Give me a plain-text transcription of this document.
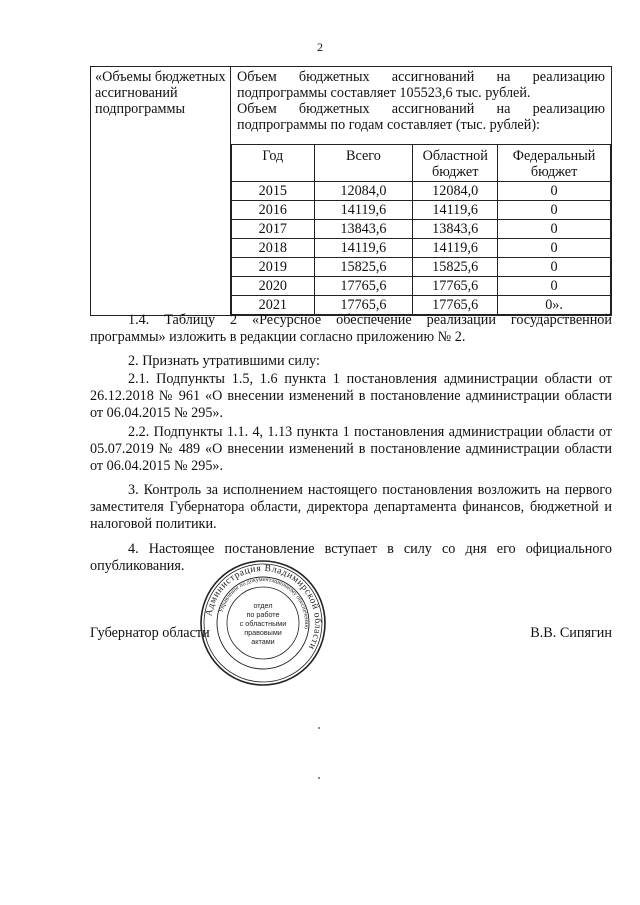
2
«Объемы бюджетных ассигнований подпрограммы	

Объем бюджетных ассигнований на реализацию подпрограммы составляет 105523,6 тыс. рублей.

Объем бюджетных ассигнований на реализацию подпрограммы по годам составляет (тыс. рублей):

Год	Всего	Областной бюджет	Федеральный бюджет
2015	12084,0	12084,0	0
2016	14119,6	14119,6	0
2017	13843,6	13843,6	0
2018	14119,6	14119,6	0
2019	15825,6	15825,6	0
2020	17765,6	17765,6	0
2021	17765,6	17765,6	0».

1.4. Таблицу 2 «Ресурсное обеспечение реализации государственной программы» изложить в редакции согласно приложению № 2.

2. Признать утратившими силу:

2.1. Подпункты 1.5, 1.6 пункта 1 постановления администрации области от 26.12.2018 № 961 «О внесении изменений в постановление администрации области от 06.04.2015 № 295».

2.2. Подпункты 1.1. 4, 1.13 пункта 1 постановления администрации области от 05.07.2019 № 489 «О внесении изменений в постановление администрации области от 06.04.2015 № 295».

3. Контроль за исполнением настоящего постановления возложить на первого заместителя Губернатора области, директора департамента финансов, бюджетной и налоговой политики.

4. Настоящее постановление вступает в силу со дня его официального опубликования.

Губернатор области	В.В. Сипягин
Администрация Владимирской области
Управление по документационному обеспечению
отдел
по работе
с областными
правовыми
актами
